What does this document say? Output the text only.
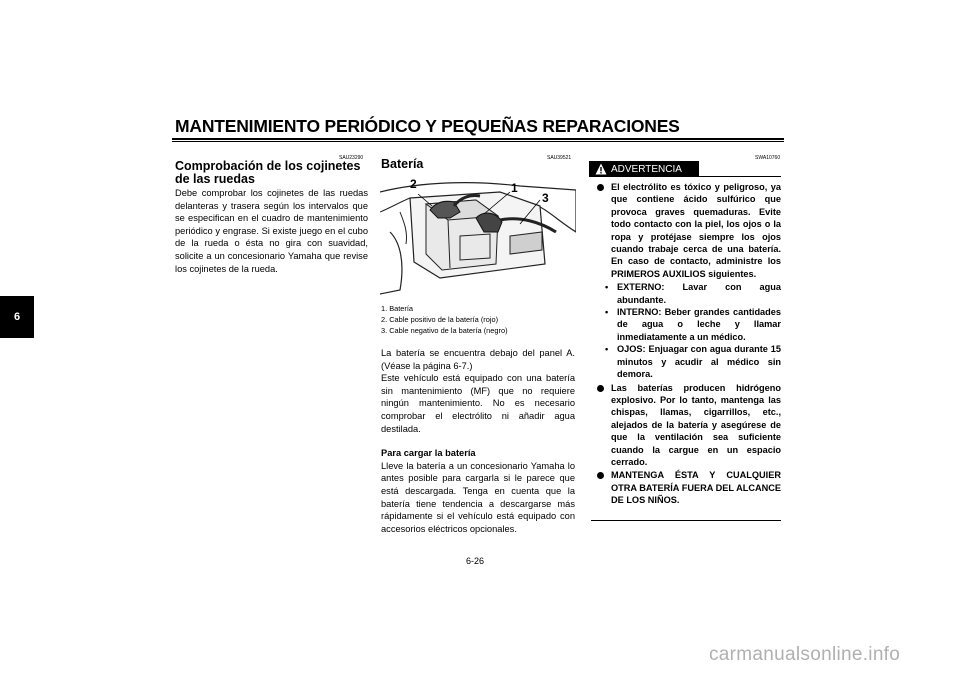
MANTENIMIENTO PERIÓDICO Y PEQUEÑAS REPARACIONES
6
SAU23290
Comprobación de los cojinetes
de las ruedas

Debe comprobar los cojinetes de las ruedas delanteras y trasera según los intervalos que se especifican en el cuadro de mantenimiento periódico y engrase. Si existe juego en el cubo de la rueda o ésta no gira con suavidad, solicite a un concesionario Yamaha que revise los cojinetes de la rueda.

SAU39521
Batería
2	1
3

1. Batería

2. Cable positivo de la batería (rojo)

3. Cable negativo de la batería (negro)

La batería se encuentra debajo del panel A. (Véase la página 6-7.)

Este vehículo está equipado con una batería sin mantenimiento (MF) que no requiere ningún mantenimiento. No es necesario comprobar el electrólito ni añadir agua destilada.

Para cargar la batería

Lleve la batería a un concesionario Yamaha lo antes posible para cargarla si le parece que está descargada. Tenga en cuenta que la batería tiene tendencia a descargarse más rápidamente si el vehículo está equipado con accesorios eléctricos opcionales.

SWA10760
ADVERTENCIA
El electrólito es tóxico y peligroso, ya que contiene ácido sulfúrico que provoca graves quemaduras. Evite todo contacto con la piel, los ojos o la ropa y protéjase siempre los ojos cuando trabaje cerca de una batería. En caso de contacto, administre los PRIMEROS AUXILIOS siguientes.
• EXTERNO: Lavar con agua abundante.
• INTERNO: Beber grandes cantidades de agua o leche y llamar inmediatamente a un médico.
• OJOS: Enjuagar con agua durante 15 minutos y acudir al médico sin demora.
Las baterías producen hidrógeno explosivo. Por lo tanto, mantenga las chispas, llamas, cigarrillos, etc., alejados de la batería y asegúrese de que la ventilación sea suficiente cuando la cargue en un espacio cerrado.
MANTENGA ÉSTA Y CUALQUIER OTRA BATERÍA FUERA DEL ALCANCE DE LOS NIÑOS.
6-26
carmanualsonline.info
